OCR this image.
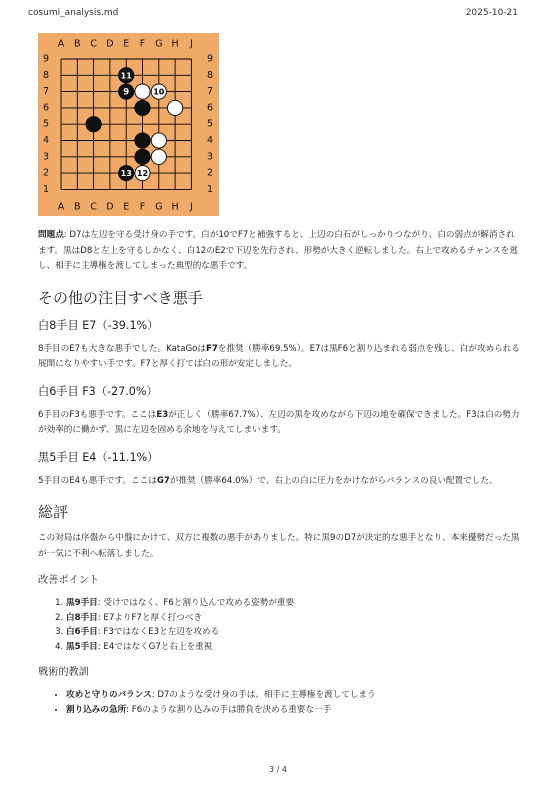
cosumi_analysis.md	2025-10-21
A
A
B
B
C
C
D
D
E
E
F
F
G
G
H
H
J
J
9	9
8	8
7	7
6	6
5	5
4	4
3	3
2	2
1	1
11
9	10
13 12

問題点: D7は左辺を守る受け身の手です。白が10でF7と補強すると、上辺の白石がしっかりつながり、白の弱点が解消されます。黒はD8と左上を守るしかなく、白12のE2で下辺を先行され、形勢が大きく逆転しました。右上で攻めるチャンスを逃し、相手に主導権を渡してしまった典型的な悪手です。

その他の注目すべき悪手
白8手目 E7（-39.1%）

8手目のE7も大きな悪手でした。KataGoはF7を推奨（勝率69.5%）。E7は黒F6と割り込まれる弱点を残し、白が攻められる展開になりやすい手です。F7と厚く打てば白の形が安定しました。

白6手目 F3（-27.0%）

6手目のF3も悪手です。ここはE3が正しく（勝率67.7%）、左辺の黒を攻めながら下辺の地を確保できました。F3は白の勢力が効率的に働かず、黒に左辺を固める余地を与えてしまいます。

黒5手目 E4（-11.1%）

5手目のE4も悪手です。ここはG7が推奨（勝率64.0%）で、右上の白に圧力をかけながらバランスの良い配置でした。

総評

この対局は序盤から中盤にかけて、双方に複数の悪手がありました。特に黒9のD7が決定的な悪手となり、本来優勢だった黒が一気に不利へ転落しました。

改善ポイント
1. 黒9手目: 受けではなく、F6と割り込んで攻める姿勢が重要
2. 白8手目: E7よりF7と厚く打つべき
3. 白6手目: F3ではなくE3と左辺を攻める
4. 黒5手目: E4ではなくG7と右上を重視
戦術的教訓
• 攻めと守りのバランス: D7のような受け身の手は、相手に主導権を渡してしまう
• 割り込みの急所: F6のような割り込みの手は勝負を決める重要な一手
3 / 4
